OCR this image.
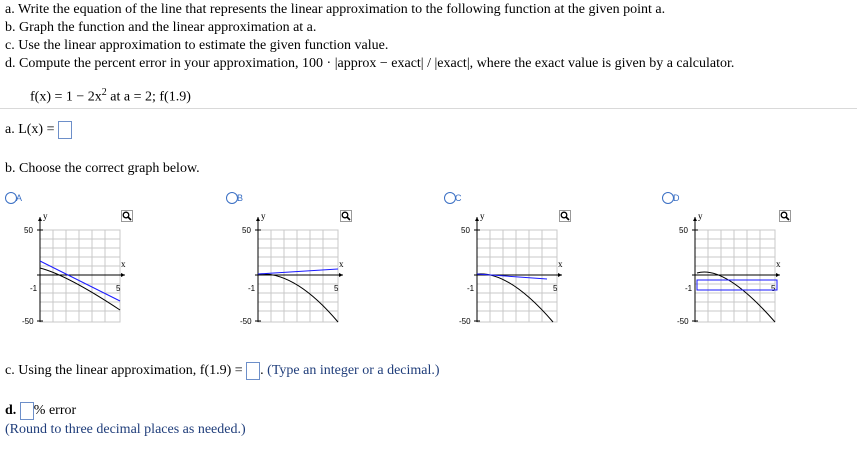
a. Write the equation of the line that represents the linear approximation to the following function at the given point a.
b. Graph the function and the linear approximation at a.
c. Use the linear approximation to estimate the given function value.
d. Compute the percent error in your approximation, 100 · |approx − exact| / |exact|, where the exact value is given by a calculator.
$f(x) = 1 - 2x^2$ at a = 2; f(1.9)
a. L(x) =
b. Choose the correct graph below.
A	B	C	D
y
50
-50
-1	5
x
y
50
-50
-1	5
x
y
50
-50
-1	5
x
y
50
-50
-1	5
x
c. Using the linear approximation, f(1.9) = . (Type an integer or a decimal.)
d. % error
(Round to three decimal places as needed.)
